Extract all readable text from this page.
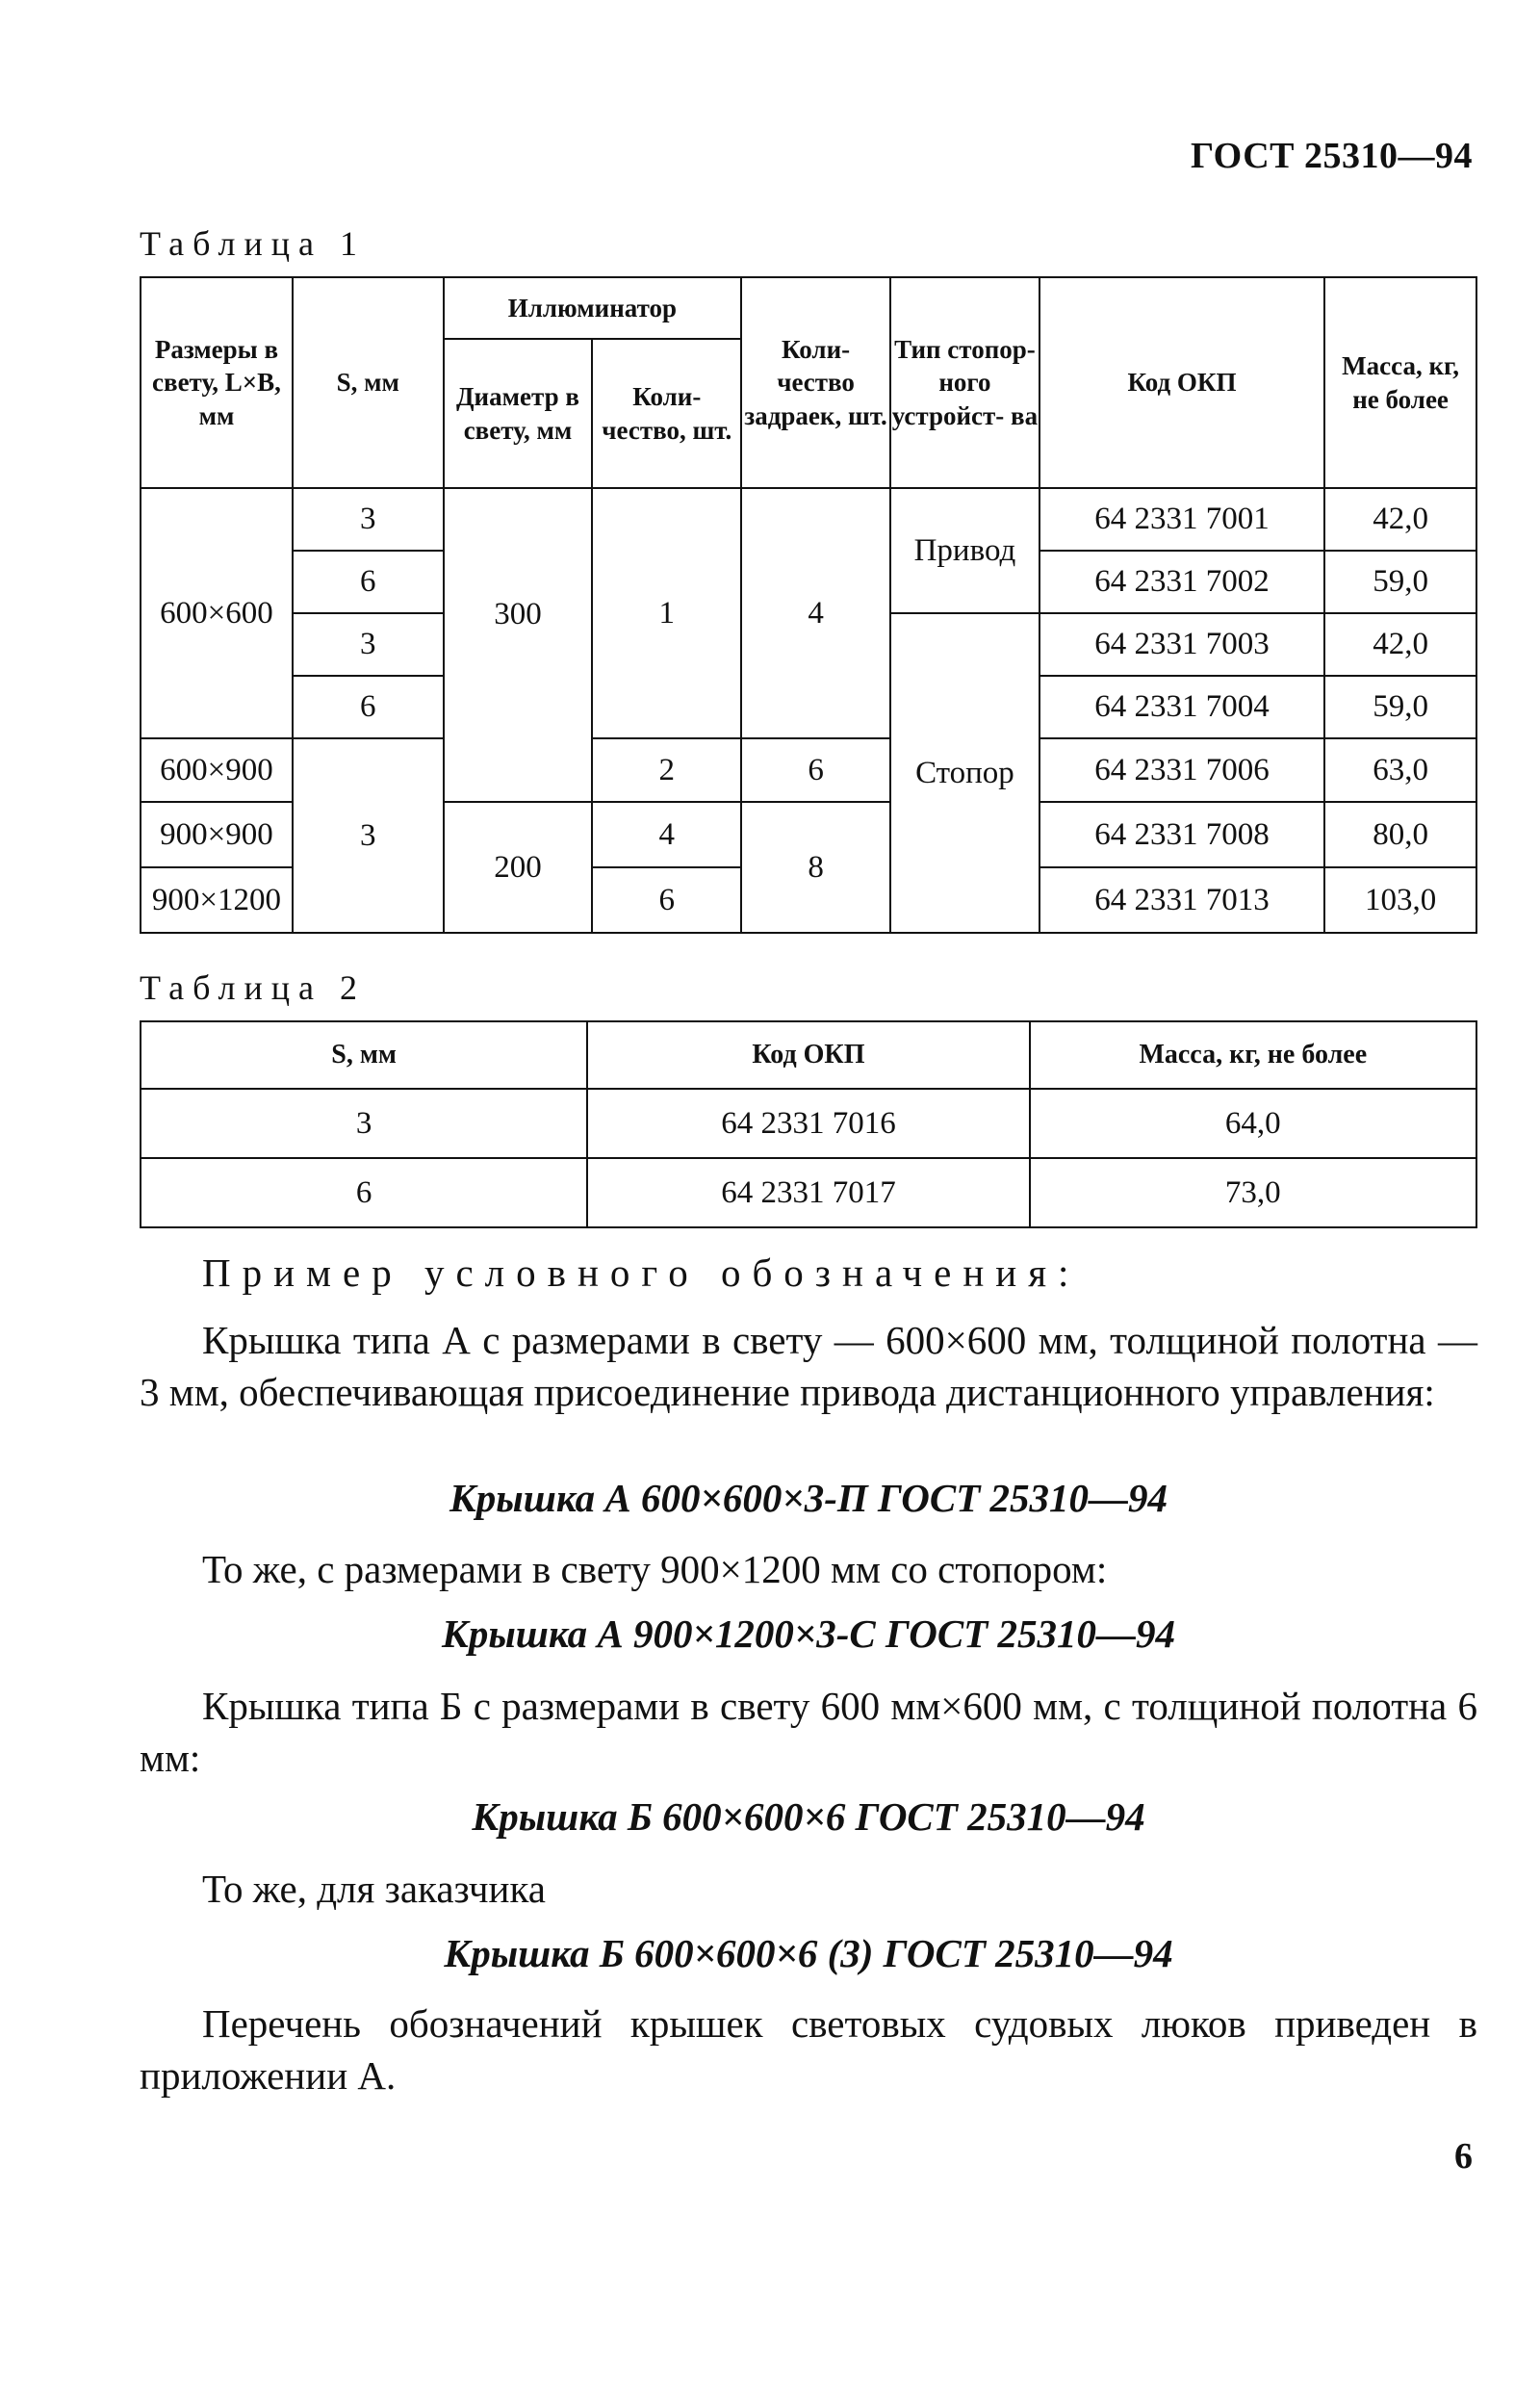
ГОСТ 25310—94
Таблица 1
Размеры в свету, L×B, мм	S, мм	Иллюминатор		Коли- чество задраек, шт.	Тип стопор- ного устройст- ва	Код ОКП	Масса, кг, не более
		Диаметр в свету, мм	Коли- чество, шт.				
600×600	3	300	1	4	Привод	64 2331 7001	42,0
	6					64 2331 7002	59,0
	3				Стопор	64 2331 7003	42,0
	6					64 2331 7004	59,0
600×900	3		2	6		64 2331 7006	63,0
900×900		200	4	8		64 2331 7008	80,0
900×1200			6			64 2331 7013	103,0
Таблица 2
S, мм	Код ОКП	Масса, кг, не более
3	64 2331 7016	64,0
6	64 2331 7017	73,0
Пример условного обозначения:
Крышка типа А с размерами в свету — 600×600 мм, толщиной полотна — 3 мм, обеспечивающая присоединение привода дистанционного управления:
Крышка А 600×600×3-П ГОСТ 25310—94
То же, с размерами в свету 900×1200 мм со стопором:
Крышка А 900×1200×3-С ГОСТ 25310—94
Крышка типа Б с размерами в свету 600 мм×600 мм, с толщиной полотна 6 мм:
Крышка Б 600×600×6 ГОСТ 25310—94
То же, для заказчика
Крышка Б 600×600×6 (3) ГОСТ 25310—94
Перечень обозначений крышек световых судовых люков приведен в приложении А.
6
